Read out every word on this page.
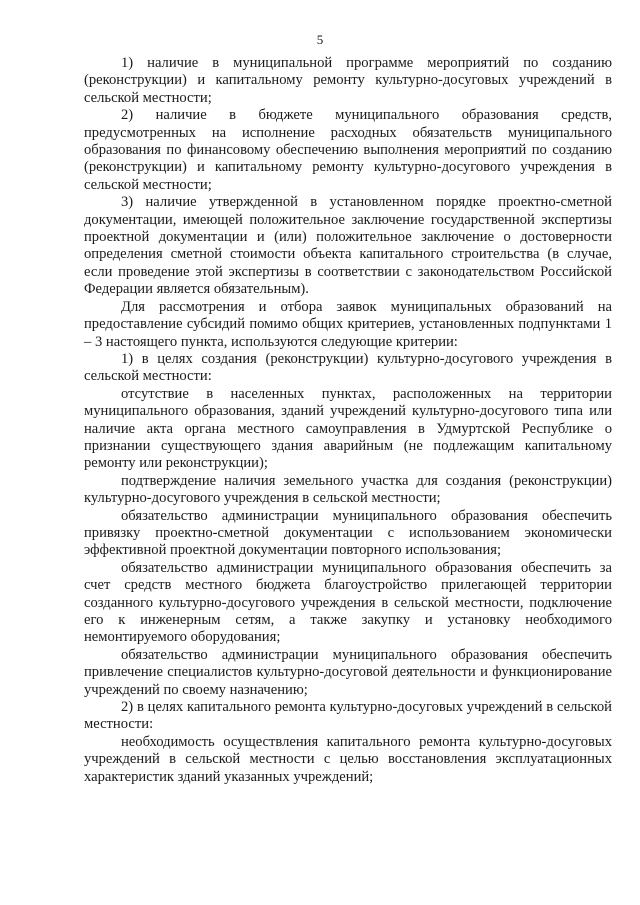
5

1) наличие в муниципальной программе мероприятий по созданию (реконструкции) и капитальному ремонту культурно-досуговых учреждений в сельской местности;

2) наличие в бюджете муниципального образования средств, предусмотренных на исполнение расходных обязательств муниципального образования по финансовому обеспечению выполнения мероприятий по созданию (реконструкции) и капитальному ремонту культурно-досугового учреждения в сельской местности;

3) наличие утвержденной в установленном порядке проектно-сметной документации, имеющей положительное заключение государственной экспертизы проектной документации и (или) положительное заключение о достоверности определения сметной стоимости объекта капитального строительства (в случае, если проведение этой экспертизы в соответствии с законодательством Российской Федерации является обязательным).

Для рассмотрения и отбора заявок муниципальных образований на предоставление субсидий помимо общих критериев, установленных подпунктами 1 – 3 настоящего пункта, используются следующие критерии:

1) в целях создания (реконструкции) культурно-досугового учреждения в сельской местности:

отсутствие в населенных пунктах, расположенных на территории муниципального образования, зданий учреждений культурно-досугового типа или наличие акта органа местного самоуправления в Удмуртской Республике о признании существующего здания аварийным (не подлежащим капитальному ремонту или реконструкции);

подтверждение наличия земельного участка для создания (реконструкции) культурно-досугового учреждения в сельской местности;

обязательство администрации муниципального образования обеспечить привязку проектно-сметной документации с использованием экономически эффективной проектной документации повторного использования;

обязательство администрации муниципального образования обеспечить за счет средств местного бюджета благоустройство прилегающей территории созданного культурно-досугового учреждения в сельской местности, подключение его к инженерным сетям, а также закупку и установку необходимого немонтируемого оборудования;

обязательство администрации муниципального образования обеспечить привлечение специалистов культурно-досуговой деятельности и функционирование учреждений по своему назначению;

2) в целях капитального ремонта культурно-досуговых учреждений в сельской местности:

необходимость осуществления капитального ремонта культурно-досуговых учреждений в сельской местности с целью восстановления эксплуатационных характеристик зданий указанных учреждений;
